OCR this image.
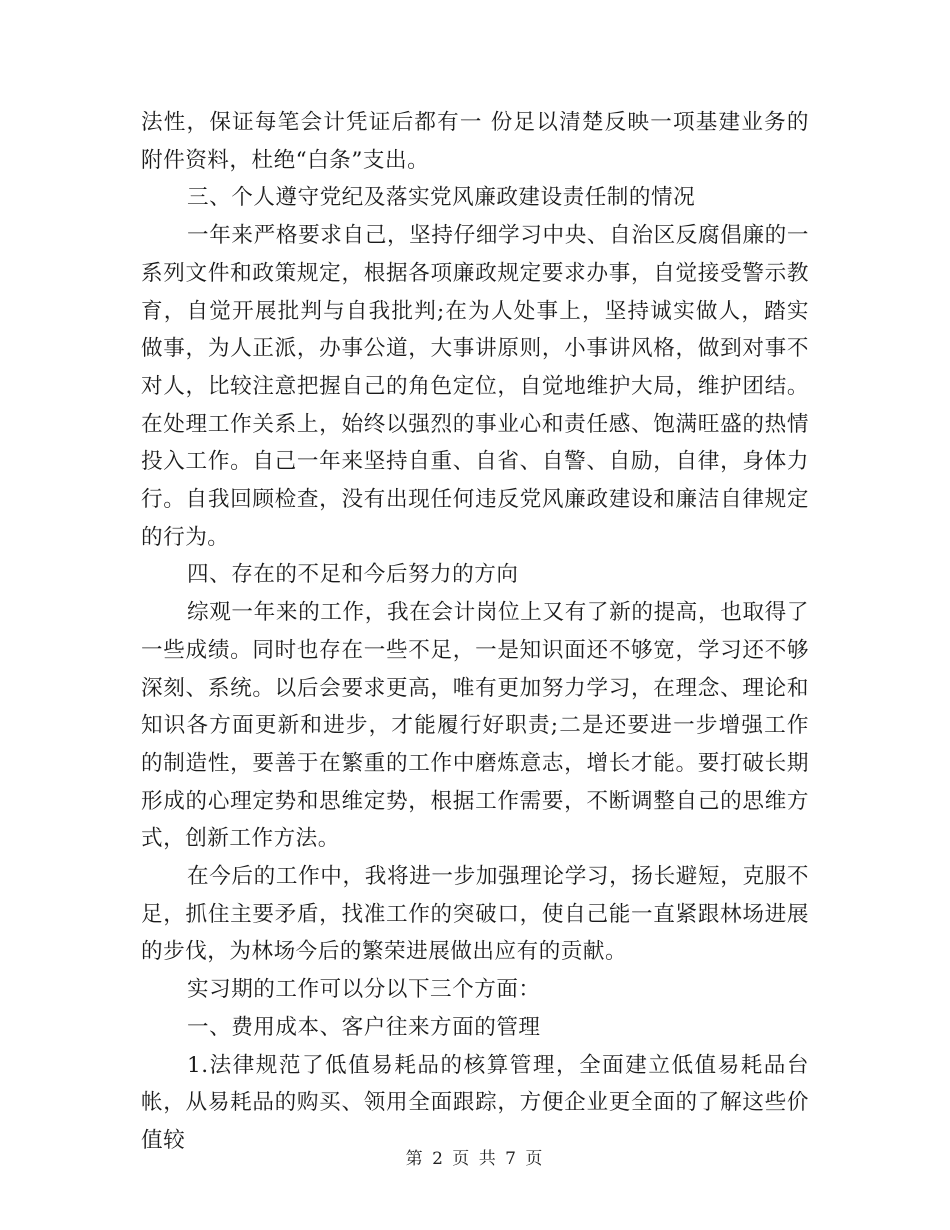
法性，保证每笔会计凭证后都有一 份足以清楚反映一项基建业务的附件资料，杜绝“白条”支出。

三、个人遵守党纪及落实党风廉政建设责任制的情况

一年来严格要求自己，坚持仔细学习中央、自治区反腐倡廉的一系列文件和政策规定，根据各项廉政规定要求办事，自觉接受警示教育，自觉开展批判与自我批判;在为人处事上，坚持诚实做人，踏实做事，为人正派，办事公道，大事讲原则，小事讲风格，做到对事不对人，比较注意把握自己的角色定位，自觉地维护大局，维护团结。在处理工作关系上，始终以强烈的事业心和责任感、饱满旺盛的热情投入工作。自己一年来坚持自重、自省、自警、自励，自律，身体力行。自我回顾检查，没有出现任何违反党风廉政建设和廉洁自律规定的行为。

四、存在的不足和今后努力的方向

综观一年来的工作，我在会计岗位上又有了新的提高，也取得了一些成绩。同时也存在一些不足，一是知识面还不够宽，学习还不够深刻、系统。以后会要求更高，唯有更加努力学习，在理念、理论和知识各方面更新和进步，才能履行好职责;二是还要进一步增强工作的制造性，要善于在繁重的工作中磨炼意志，增长才能。要打破长期形成的心理定势和思维定势，根据工作需要，不断调整自己的思维方式，创新工作方法。

在今后的工作中，我将进一步加强理论学习，扬长避短，克服不足，抓住主要矛盾，找准工作的突破口，使自己能一直紧跟林场进展的步伐，为林场今后的繁荣进展做出应有的贡献。

实习期的工作可以分以下三个方面：

一、费用成本、客户往来方面的管理

1.法律规范了低值易耗品的核算管理，全面建立低值易耗品台帐，从易耗品的购买、领用全面跟踪，方便企业更全面的了解这些价值较

第 2 页 共 7 页
